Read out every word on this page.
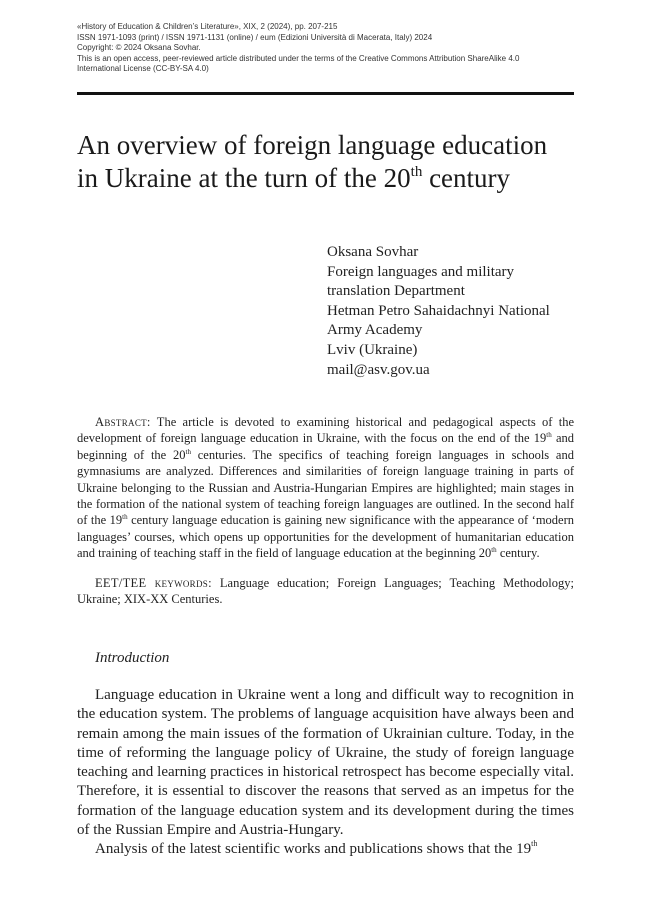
«History of Education & Children’s Literature», XIX, 2 (2024), pp. 207-215
ISSN 1971-1093 (print) / ISSN 1971-1131 (online) / eum (Edizioni Università di Macerata, Italy) 2024
Copyright: © 2024 Oksana Sovhar.
This is an open access, peer-reviewed article distributed under the terms of the Creative Commons Attribution ShareAlike 4.0
International License (CC-BY-SA 4.0)
An overview of foreign language education
in Ukraine at the turn of the 20th century
Oksana Sovhar
Foreign languages and military
translation Department
Hetman Petro Sahaidachnyi National
Army Academy
Lviv (Ukraine)
mail@asv.gov.ua

Abstract: The article is devoted to examining historical and pedagogical aspects of the development of foreign language education in Ukraine, with the focus on the end of the 19th and beginning of the 20th centuries. The specifics of teaching foreign languages in schools and gymnasiums are analyzed. Differences and similarities of foreign language training in parts of Ukraine belonging to the Russian and Austria-Hungarian Empires are highlighted; main stages in the formation of the national system of teaching foreign languages are outlined. In the second half of the 19th century language education is gaining new significance with the appearance of ‘modern languages’ courses, which opens up opportunities for the development of humanitarian education and training of teaching staff in the field of language education at the beginning 20th century.

EET/TEE keywords: Language education; Foreign Languages; Teaching Methodology; Ukraine; XIX-XX Centuries.

Introduction

Language education in Ukraine went a long and difficult way to recognition in the education system. The problems of language acquisition have always been and remain among the main issues of the formation of Ukrainian culture. Today, in the time of reforming the language policy of Ukraine, the study of foreign language teaching and learning practices in historical retrospect has become especially vital. Therefore, it is essential to discover the reasons that served as an impetus for the formation of the language education system and its development during the times of the Russian Empire and Austria-Hungary.

Analysis of the latest scientific works and publications shows that the 19th
